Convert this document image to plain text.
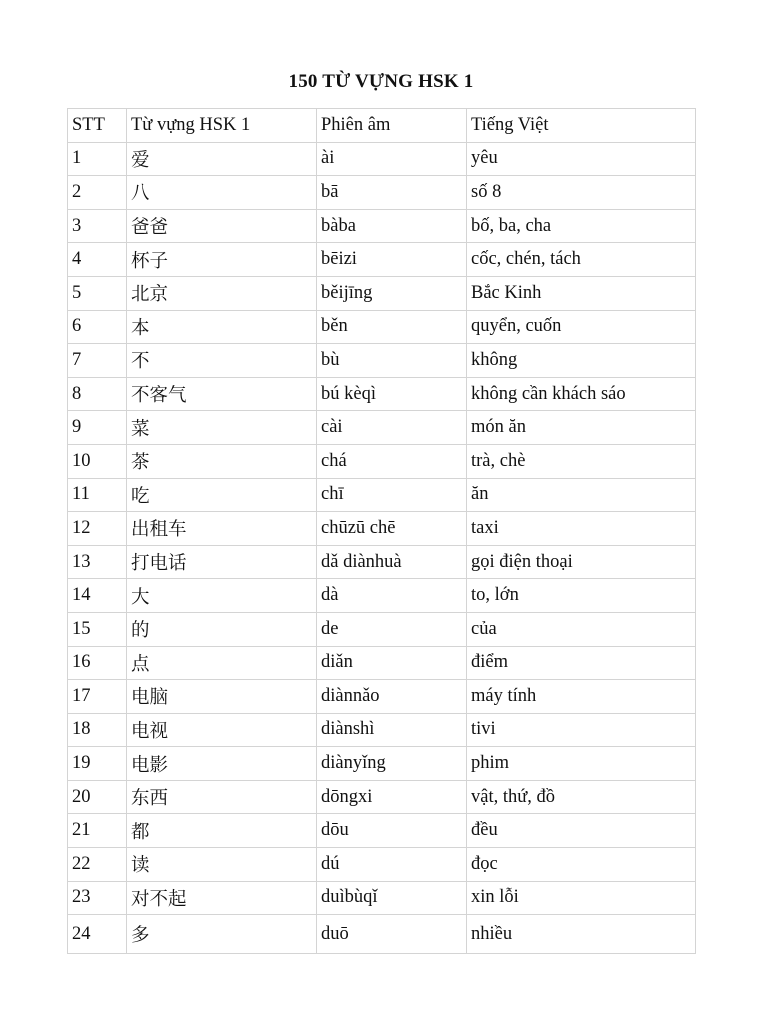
150 TỪ VỰNG HSK 1
STT	Từ vựng HSK 1	Phiên âm	Tiếng Việt
1	爱	ài	yêu
2	八	bā	số 8
3	爸爸	bàba	bố, ba, cha
4	杯子	bēizi	cốc, chén, tách
5	北京	běijīng	Bắc Kinh
6	本	běn	quyển, cuốn
7	不	bù	không
8	不客气	bú kèqì	không cần khách sáo
9	菜	cài	món ăn
10	茶	chá	trà, chè
11	吃	chī	ăn
12	出租车	chūzū chē	taxi
13	打电话	dǎ diànhuà	gọi điện thoại
14	大	dà	to, lớn
15	的	de	của
16	点	diǎn	điểm
17	电脑	diànnǎo	máy tính
18	电视	diànshì	tivi
19	电影	diànyǐng	phim
20	东西	dōngxi	vật, thứ, đồ
21	都	dōu	đều
22	读	dú	đọc
23	对不起	duìbùqǐ	xin lỗi
24	多	duō	nhiều
